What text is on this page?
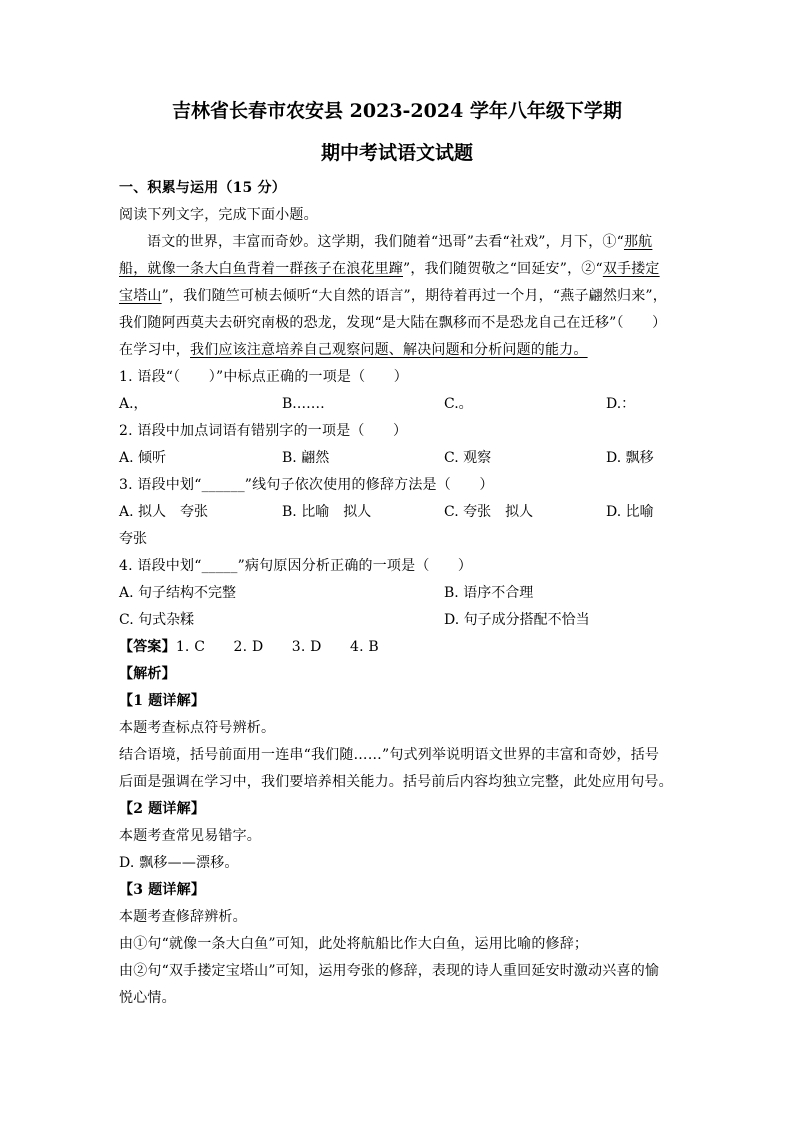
吉林省长春市农安县 2023-2024 学年八年级下学期
期中考试语文试题
一、积累与运用（15 分）
阅读下列文字，完成下面小题。
语文的世界，丰富而奇妙。这学期，我们随着“迅哥”去看“社戏”，月下，①“那航
船，就像一条大白鱼背着一群孩子在浪花里蹿”，我们随贺敬之“回延安”，②“双手搂定
宝塔山”，我们随竺可桢去倾听“大自然的语言”，期待着再过一个月，“燕子翩然归来”，
我们随阿西莫夫去研究南极的恐龙，发现“是大陆在飘移而不是恐龙自己在迁移”（　　）
在学习中，我们应该注意培养自己观察问题、解决问题和分析问题的能力。
1. 语段“（　　）”中标点正确的一项是（　　）
A.，	B.……	C.。	D.：
2. 语段中加点词语有错别字的一项是（　　）
A. 倾听	B. 翩然	C. 观察	D. 飘移
3. 语段中划“______”线句子依次使用的修辞方法是（　　）
A. 拟人　夸张	B. 比喻　拟人	C. 夸张　拟人	D. 比喻
夸张
4. 语段中划“_____”病句原因分析正确的一项是（　　）
A. 句子结构不完整	B. 语序不合理
C. 句式杂糅	D. 句子成分搭配不恰当
【答案】1. C　　2. D　　3. D　　4. B
【解析】
【1 题详解】
本题考查标点符号辨析。
结合语境，括号前面用一连串“我们随……”句式列举说明语文世界的丰富和奇妙，括号
后面是强调在学习中，我们要培养相关能力。括号前后内容均独立完整，此处应用句号。
【2 题详解】
本题考查常见易错字。
D. 飘移——漂移。
【3 题详解】
本题考查修辞辨析。
由①句“就像一条大白鱼”可知，此处将航船比作大白鱼，运用比喻的修辞；
由②句“双手搂定宝塔山”可知，运用夸张的修辞，表现的诗人重回延安时激动兴喜的愉
悦心情。
